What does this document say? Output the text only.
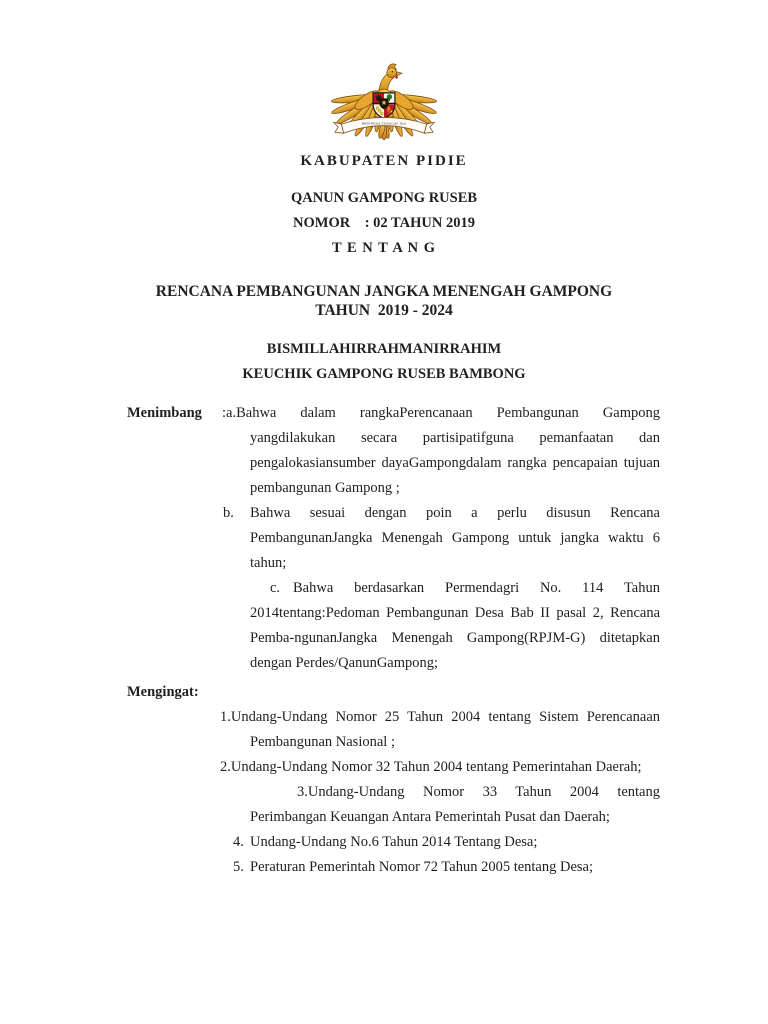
BHINNEKA TUNGGAL IKA
KABUPATEN PIDIE
QANUN GAMPONG RUSEB
NOMOR    : 02 TAHUN 2019
T E N T A N G
RENCANA PEMBANGUNAN JANGKA MENENGAH GAMPONG
TAHUN  2019 - 2024
BISMILLAHIRRAHMANIRRAHIM
KEUCHIK GAMPONG RUSEB BAMBONG
Menimbang :a.Bahwa dalam rangkaPerencanaan Pembangunan Gampong yangdilakukan secara partisipatifguna pemanfaatan dan pengalokasiansumber dayaGampongdalam rangka pencapaian tujuan pembangunan Gampong ;

b. Bahwa sesuai dengan poin a perlu disusun Rencana PembangunanJangka Menengah Gampong untuk jangka waktu 6 tahun;

c. Bahwa berdasarkan Permendagri No. 114 Tahun 2014tentang:Pedoman Pembangunan Desa Bab II pasal 2, Rencana Pemba-ngunanJangka Menengah Gampong(RPJM-G) ditetapkan dengan Perdes/QanunGampong;

Mengingat:

1.Undang-Undang Nomor 25 Tahun 2004 tentang Sistem Perencanaan Pembangunan Nasional ;

2.Undang-Undang Nomor 32 Tahun 2004 tentang Pemerintahan Daerah;

3.Undang-Undang Nomor 33 Tahun 2004 tentang Perimbangan Keuangan Antara Pemerintah Pusat dan Daerah;

4. Undang-Undang No.6 Tahun 2014 Tentang Desa;

5. Peraturan Pemerintah Nomor 72 Tahun 2005 tentang Desa;
